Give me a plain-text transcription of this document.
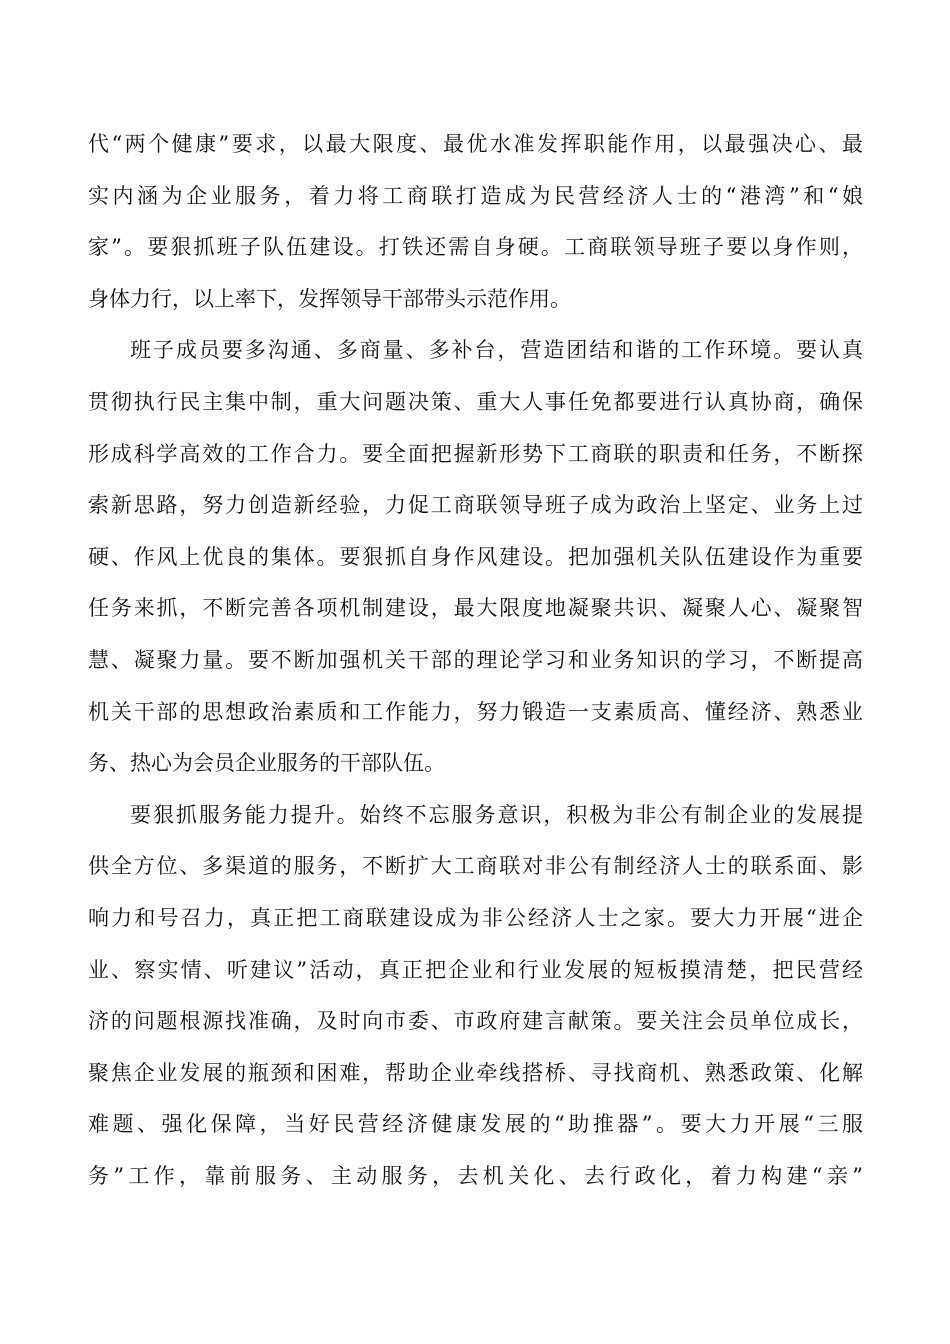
代“两个健康”要求，以最大限度、最优水准发挥职能作用，以最强决心、最
实内涵为企业服务，着力将工商联打造成为民营经济人士的“港湾”和“娘
家”。要狠抓班子队伍建设。打铁还需自身硬。工商联领导班子要以身作则，
身体力行，以上率下，发挥领导干部带头示范作用。
班子成员要多沟通、多商量、多补台，营造团结和谐的工作环境。要认真
贯彻执行民主集中制，重大问题决策、重大人事任免都要进行认真协商，确保
形成科学高效的工作合力。要全面把握新形势下工商联的职责和任务，不断探
索新思路，努力创造新经验，力促工商联领导班子成为政治上坚定、业务上过
硬、作风上优良的集体。要狠抓自身作风建设。把加强机关队伍建设作为重要
任务来抓，不断完善各项机制建设，最大限度地凝聚共识、凝聚人心、凝聚智
慧、凝聚力量。要不断加强机关干部的理论学习和业务知识的学习，不断提高
机关干部的思想政治素质和工作能力，努力锻造一支素质高、懂经济、熟悉业
务、热心为会员企业服务的干部队伍。
要狠抓服务能力提升。始终不忘服务意识，积极为非公有制企业的发展提
供全方位、多渠道的服务，不断扩大工商联对非公有制经济人士的联系面、影
响力和号召力，真正把工商联建设成为非公经济人士之家。要大力开展“进企
业、察实情、听建议”活动，真正把企业和行业发展的短板摸清楚，把民营经
济的问题根源找准确，及时向市委、市政府建言献策。要关注会员单位成长，
聚焦企业发展的瓶颈和困难，帮助企业牵线搭桥、寻找商机、熟悉政策、化解
难题、强化保障，当好民营经济健康发展的“助推器”。要大力开展“三服
务”工作，靠前服务、主动服务，去机关化、去行政化，着力构建“亲”
